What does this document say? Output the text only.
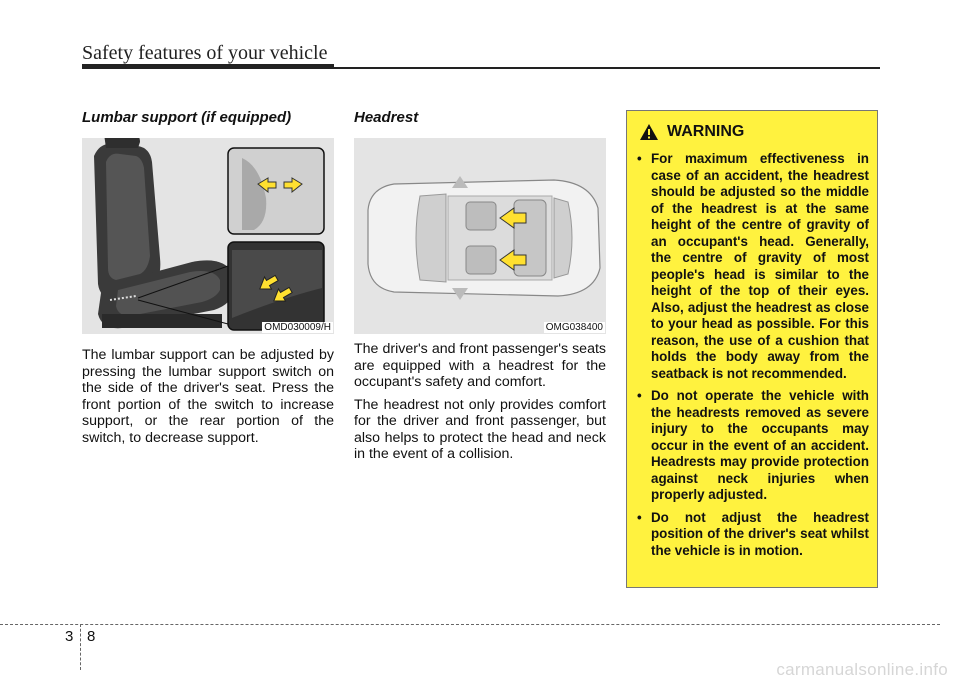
Safety features of your vehicle
Lumbar support (if equipped)
OMD030009/H

The lumbar support can be adjusted by pressing the lumbar support switch on the side of the driver's seat. Press the front portion of the switch to increase support, or the rear portion of the switch, to decrease support.

Headrest
OMG038400

The driver's and front passenger's seats are equipped with a headrest for the occupant's safety and comfort.

The headrest not only provides comfort for the driver and front passenger, but also helps to protect the head and neck in the event of a collision.

WARNING
• For maximum effectiveness in case of an accident, the headrest should be adjusted so the middle of the headrest is at the same height of the centre of gravity of an occupant's head. Generally, the centre of gravity of most people's head is similar to the height of the top of their eyes. Also, adjust the headrest as close to your head as possible. For this reason, the use of a cushion that holds the body away from the seatback is not recommended.
• Do not operate the vehicle with the headrests removed as severe injury to the occupants may occur in the event of an accident. Headrests may provide protection against neck injuries when properly adjusted.
• Do not adjust the headrest position of the driver's seat whilst the vehicle is in motion.
3 8
carmanualsonline.info
